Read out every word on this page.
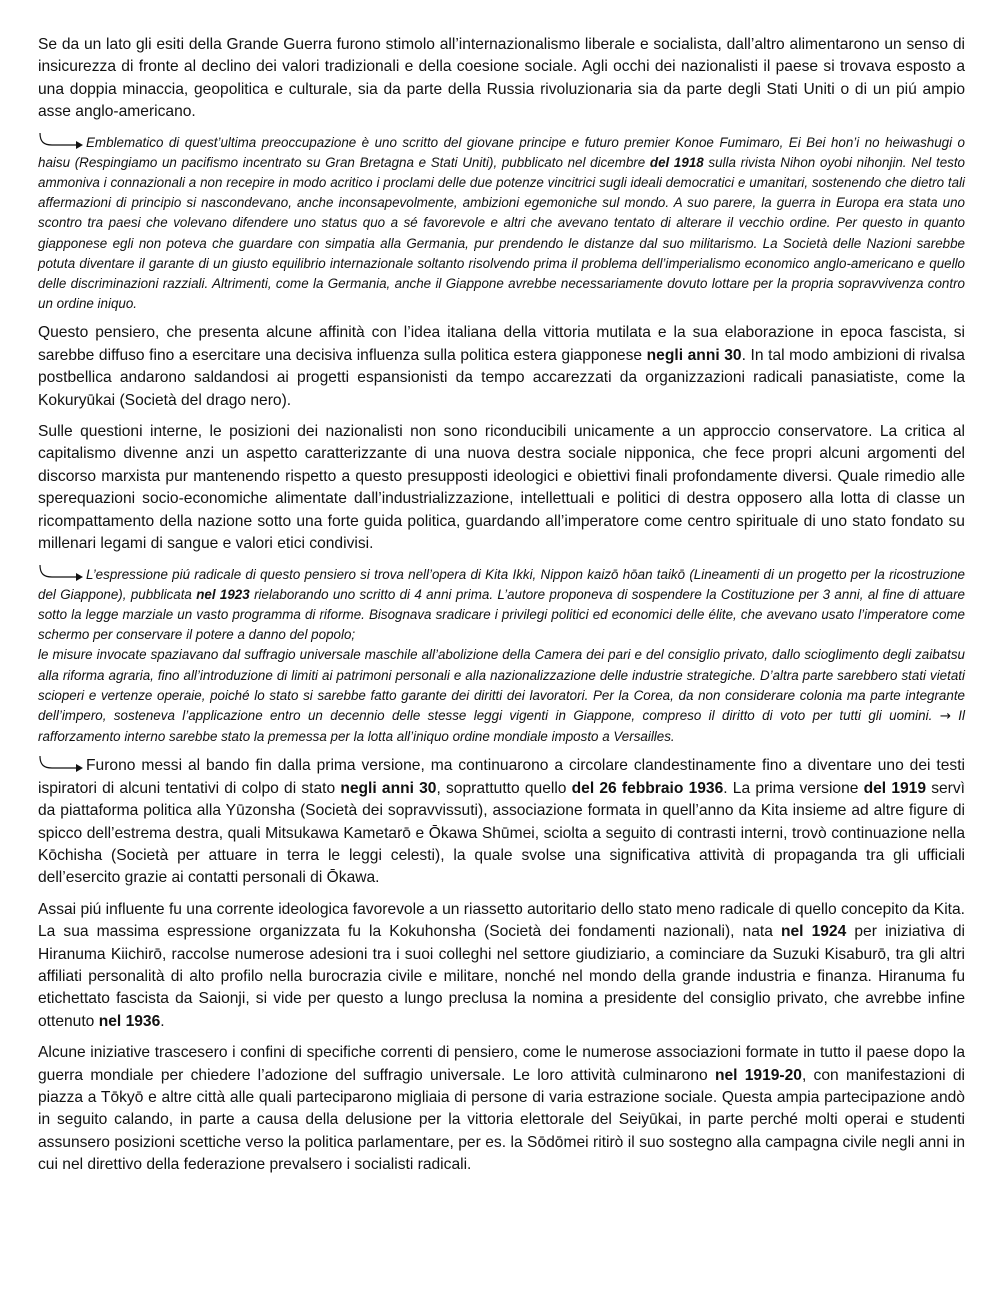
Se da un lato gli esiti della Grande Guerra furono stimolo all’internazionalismo liberale e socialista, dall’altro alimentarono un senso di insicurezza di fronte al declino dei valori tradizionali e della coesione sociale. Agli occhi dei nazionalisti il paese si trovava esposto a una doppia minaccia, geopolitica e culturale, sia da parte della Russia rivoluzionaria sia da parte degli Stati Uniti o di un piú ampio asse anglo-americano.

Emblematico di quest’ultima preoccupazione è uno scritto del giovane principe e futuro premier Konoe Fumimaro, Ei Bei hon’i no heiwashugi o haisu (Respingiamo un pacifismo incentrato su Gran Bretagna e Stati Uniti), pubblicato nel dicembre del 1918 sulla rivista Nihon oyobi nihonjin. Nel testo ammoniva i connazionali a non recepire in modo acritico i proclami delle due potenze vincitrici sugli ideali democratici e umanitari, sostenendo che dietro tali affermazioni di principio si nascondevano, anche inconsapevolmente, ambizioni egemoniche sul mondo. A suo parere, la guerra in Europa era stata uno scontro tra paesi che volevano difendere uno status quo a sé favorevole e altri che avevano tentato di alterare il vecchio ordine. Per questo in quanto giapponese egli non poteva che guardare con simpatia alla Germania, pur prendendo le distanze dal suo militarismo. La Società delle Nazioni sarebbe potuta diventare il garante di un giusto equilibrio internazionale soltanto risolvendo prima il problema dell’imperialismo economico anglo-americano e quello delle discriminazioni razziali. Altrimenti, come la Germania, anche il Giappone avrebbe necessariamente dovuto lottare per la propria sopravvivenza contro un ordine iniquo.

Questo pensiero, che presenta alcune affinità con l’idea italiana della vittoria mutilata e la sua elaborazione in epoca fascista, si sarebbe diffuso fino a esercitare una decisiva influenza sulla politica estera giapponese negli anni 30. In tal modo ambizioni di rivalsa postbellica andarono saldandosi ai progetti espansionisti da tempo accarezzati da organizzazioni radicali panasiatiste, come la Kokuryūkai (Società del drago nero).

Sulle questioni interne, le posizioni dei nazionalisti non sono riconducibili unicamente a un approccio conservatore. La critica al capitalismo divenne anzi un aspetto caratterizzante di una nuova destra sociale nipponica, che fece propri alcuni argomenti del discorso marxista pur mantenendo rispetto a questo presupposti ideologici e obiettivi finali profondamente diversi. Quale rimedio alle sperequazioni socio-economiche alimentate dall’industrializzazione, intellettuali e politici di destra opposero alla lotta di classe un ricompattamento della nazione sotto una forte guida politica, guardando all’imperatore come centro spirituale di uno stato fondato su millenari legami di sangue e valori etici condivisi.

L’espressione piú radicale di questo pensiero si trova nell’opera di Kita Ikki, Nippon kaizō hōan taikō (Lineamenti di un progetto per la ricostruzione del Giappone), pubblicata nel 1923 rielaborando uno scritto di 4 anni prima. L’autore proponeva di sospendere la Costituzione per 3 anni, al fine di attuare sotto la legge marziale un vasto programma di riforme. Bisognava sradicare i privilegi politici ed economici delle élite, che avevano usato l’imperatore come schermo per conservare il potere a danno del popolo;
le misure invocate spaziavano dal suffragio universale maschile all’abolizione della Camera dei pari e del consiglio privato, dallo scioglimento degli zaibatsu alla riforma agraria, fino all’introduzione di limiti ai patrimoni personali e alla nazionalizzazione delle industrie strategiche. D’altra parte sarebbero stati vietati scioperi e vertenze operaie, poiché lo stato si sarebbe fatto garante dei diritti dei lavoratori. Per la Corea, da non considerare colonia ma parte integrante dell’impero, sosteneva l’applicazione entro un decennio delle stesse leggi vigenti in Giappone, compreso il diritto di voto per tutti gli uomini. → Il rafforzamento interno sarebbe stato la premessa per la lotta all’iniquo ordine mondiale imposto a Versailles.

Furono messi al bando fin dalla prima versione, ma continuarono a circolare clandestinamente fino a diventare uno dei testi ispiratori di alcuni tentativi di colpo di stato negli anni 30, soprattutto quello del 26 febbraio 1936. La prima versione del 1919 servì da piattaforma politica alla Yūzonsha (Società dei sopravvissuti), associazione formata in quell’anno da Kita insieme ad altre figure di spicco dell’estrema destra, quali Mitsukawa Kametarō e Ōkawa Shūmei, sciolta a seguito di contrasti interni, trovò continuazione nella Kōchisha (Società per attuare in terra le leggi celesti), la quale svolse una significativa attività di propaganda tra gli ufficiali dell’esercito grazie ai contatti personali di Ōkawa.

Assai piú influente fu una corrente ideologica favorevole a un riassetto autoritario dello stato meno radicale di quello concepito da Kita. La sua massima espressione organizzata fu la Kokuhonsha (Società dei fondamenti nazionali), nata nel 1924 per iniziativa di Hiranuma Kiichirō, raccolse numerose adesioni tra i suoi colleghi nel settore giudiziario, a cominciare da Suzuki Kisaburō, tra gli altri affiliati personalità di alto profilo nella burocrazia civile e militare, nonché nel mondo della grande industria e finanza. Hiranuma fu etichettato fascista da Saionji, si vide per questo a lungo preclusa la nomina a presidente del consiglio privato, che avrebbe infine ottenuto nel 1936.

Alcune iniziative trascesero i confini di specifiche correnti di pensiero, come le numerose associazioni formate in tutto il paese dopo la guerra mondiale per chiedere l’adozione del suffragio universale. Le loro attività culminarono nel 1919-20, con manifestazioni di piazza a Tōkyō e altre città alle quali parteciparono migliaia di persone di varia estrazione sociale. Questa ampia partecipazione andò in seguito calando, in parte a causa della delusione per la vittoria elettorale del Seiyūkai, in parte perché molti operai e studenti assunsero posizioni scettiche verso la politica parlamentare, per es. la Sōdōmei ritirò il suo sostegno alla campagna civile negli anni in cui nel direttivo della federazione prevalsero i socialisti radicali.
